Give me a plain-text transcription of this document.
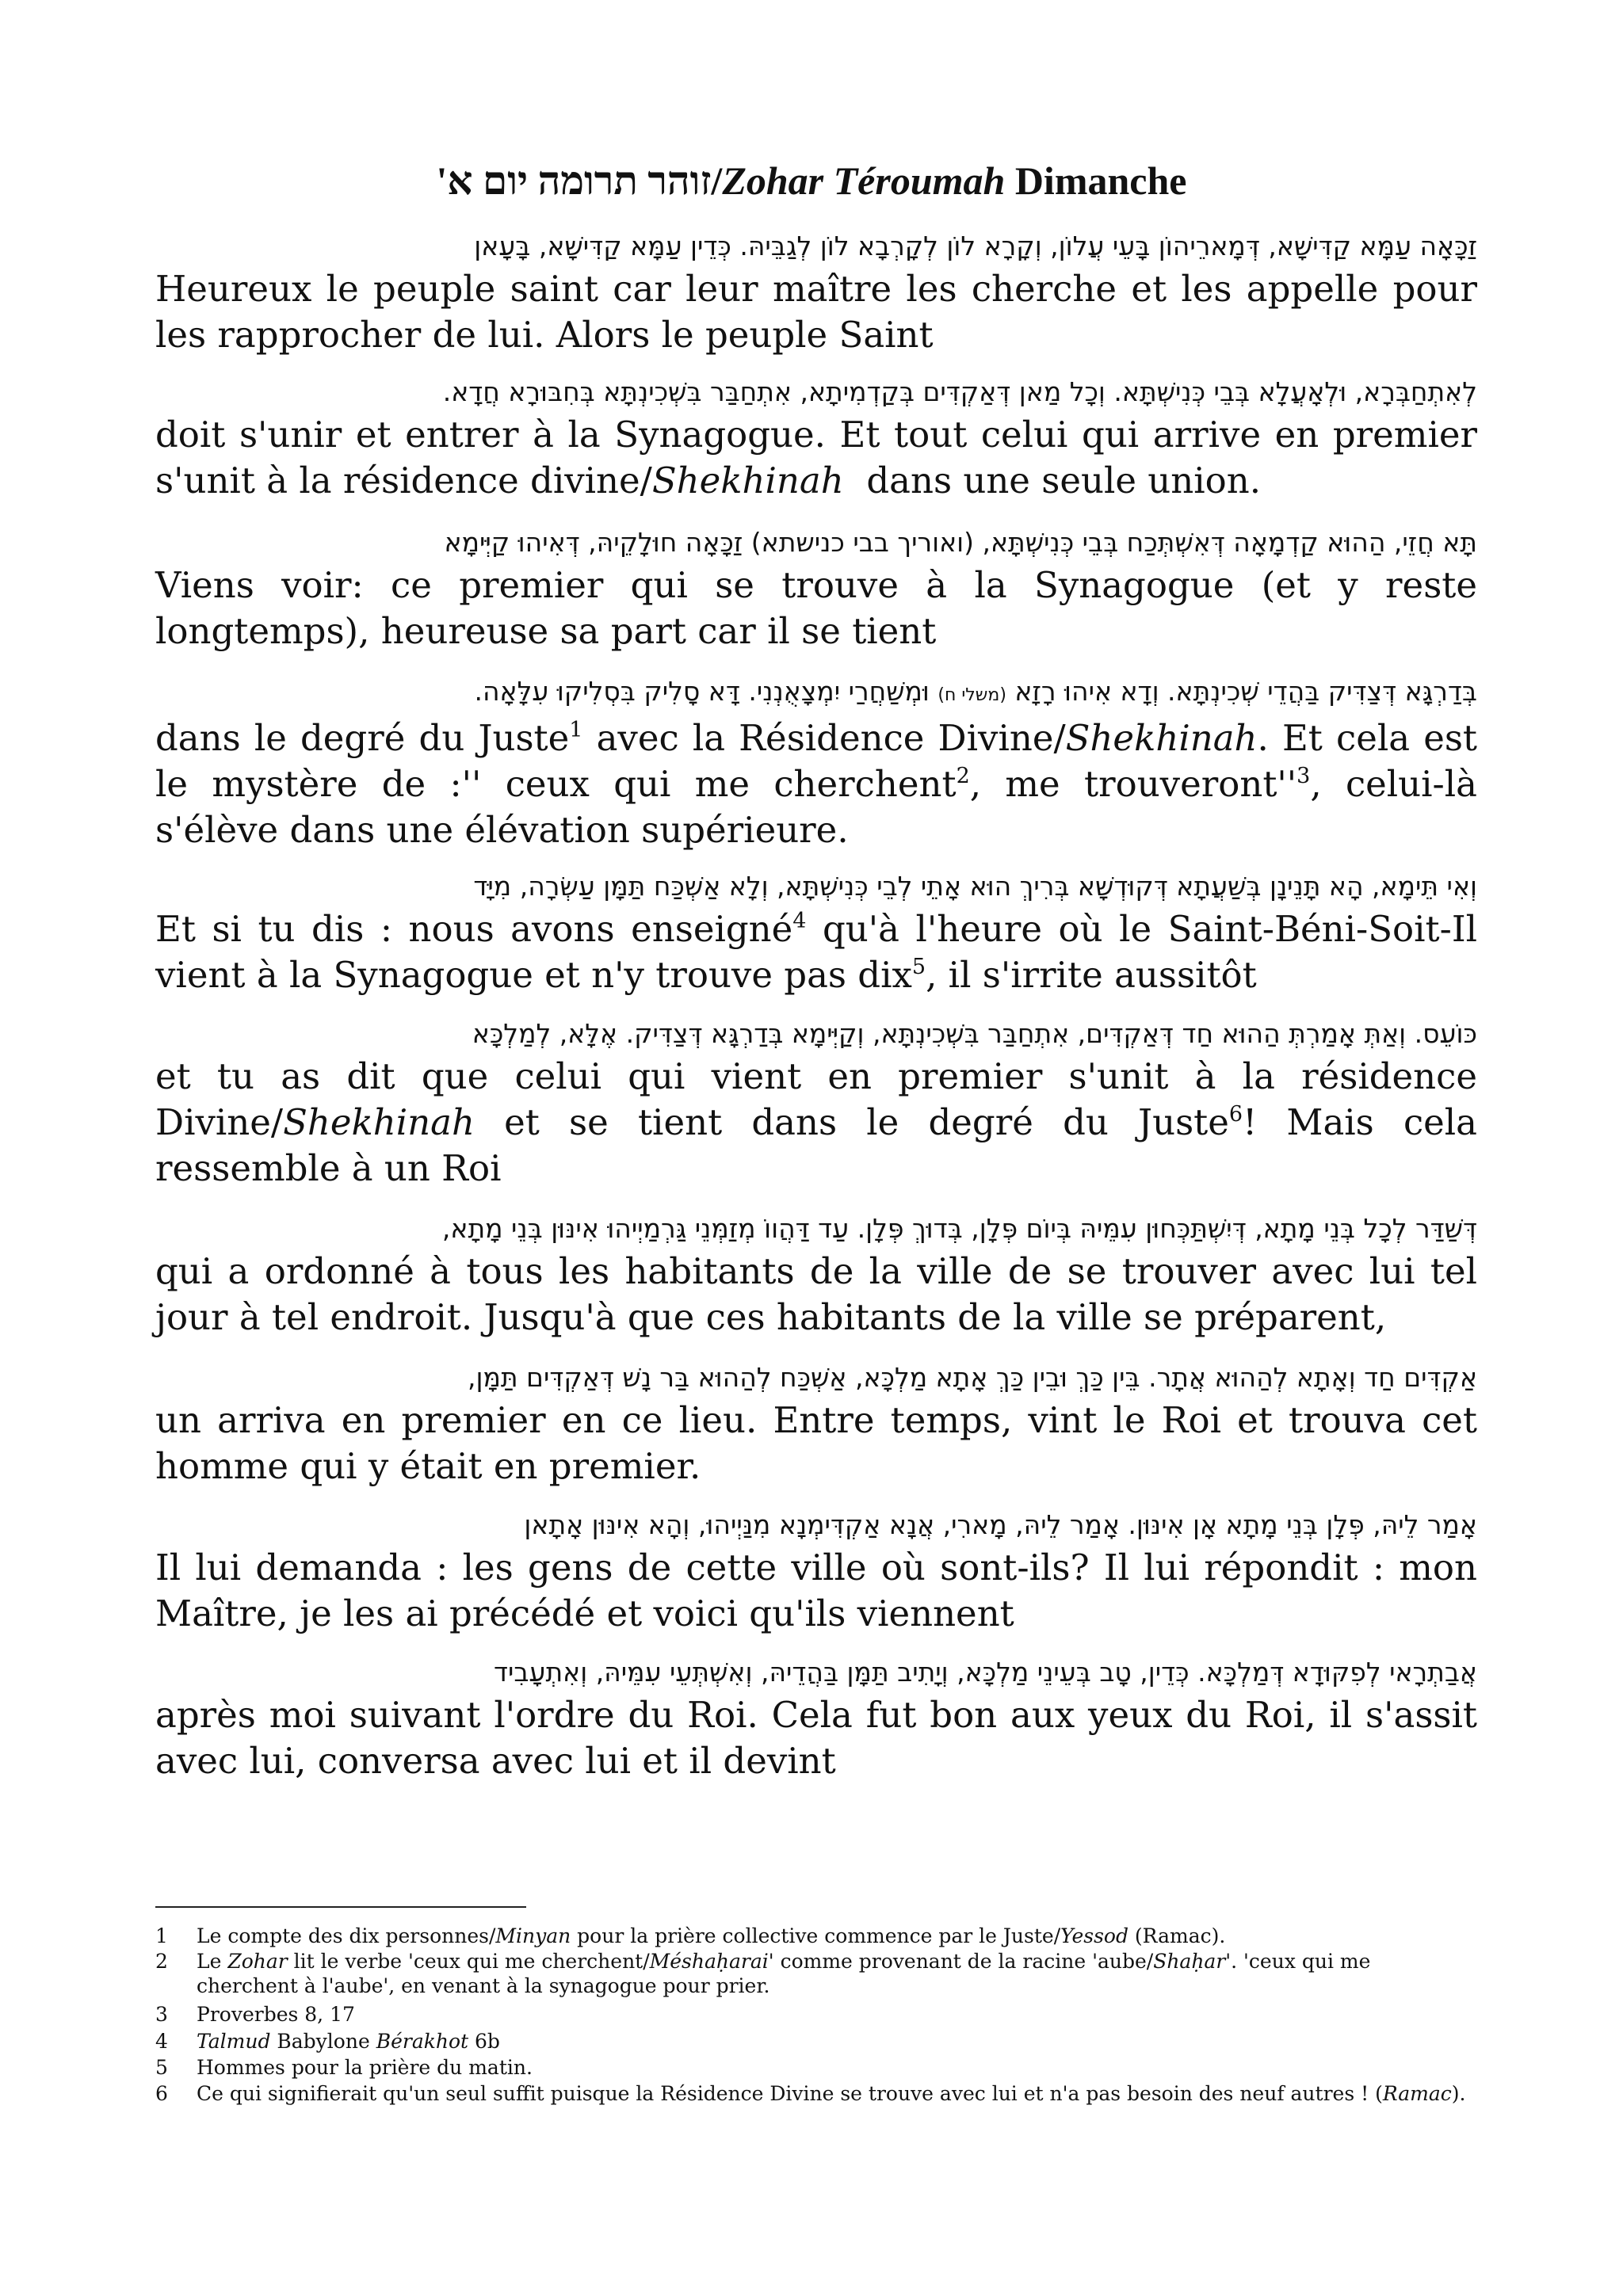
זוהר תרומה יום א'/Zohar Téroumah Dimanche
זַכָּאָה עַמָּא קַדִּישָׁא, דְּמָארֵיהוֹן בָּעֵי עֲלוֹן, וְקָרָא לוֹן לְקָרְבָא לוֹן לְגַבֵּיהּ. כְּדֵין עַמָּא קַדִּישָׁא, בָּעָאן
Heureux le peuple saint car leur maître les cherche et les appelle pour les rapprocher de lui. Alors le peuple Saint
לְאִתְחַבְּרָא, וּלְאָעֲלָא בְּבֵי כְּנִישְׁתָּא. וְכָל מַאן דְּאַקְדִּים בְּקַדְמִיתָא, אִתְחַבַּר בִּשְׁכִינְתָּא בְּחִבּוּרָא חֲדָא.
doit s'unir et entrer à la Synagogue. Et tout celui qui arrive en premier s'unit à la résidence divine/Shekhinah  dans une seule union.
תָּא חֲזֵי, הַהוּא קַדְמָאָה דְּאִשְׁתְּכַח בְּבֵי כְּנִישְׁתָּא, (ואוריך בבי כנישתא) זַכָּאָה חוּלָקֵיהּ, דְּאִיהוּ קַיְּימָא
Viens voir: ce premier qui se trouve à la Synagogue (et y reste longtemps), heureuse sa part car il se tient
בְּדַרְגָּא דְּצַדִּיק בַּהֲדֵי שְׁכִינְתָּא. וְדָא אִיהוּ רָזָא (משלי ח) וּמְשַׁחֲרַי יִמְצָאֻנְנִי. דָּא סָלִיק בִּסְלִיקוּ עִלָּאָה.
dans le degré du Juste$^1$ avec la Résidence Divine/Shekhinah. Et cela est le mystère de :'' ceux qui me cherchent$^2$, me $trouveront''^3$, celui-là s'élève dans une élévation supérieure.
וְאִי תֵּימָא, הָא תָּנֵינָן בְּשַׁעֲתָא דְּקוּדְשָׁא בְּרִיךְ הוּא אָתֵי לְבֵי כְּנִישְׁתָּא, וְלָא אַשְׁכַּח תַּמָּן עַשְׂרָה, מִיָּד
Et si tu dis : nous avons enseigné$^4$ qu'à l'heure où le Saint-Béni-Soit-Il vient à la Synagogue et n'y trouve pas dix$^5$, il s'irrite aussitôt
כּוֹעֵס. וְאַתְּ אָמַרְתְּ הַהוּא חַד דְּאַקְדִּים, אִתְחַבַּר בִּשְׁכִינְתָּא, וְקַיְּימָא בְּדַרְגָּא דְּצַדִּיק. אֶלָּא, לְמַלְכָּא
et tu as dit que celui qui vient en premier s'unit à la résidence Divine/Shekhinah et se tient dans le degré du Juste$^6$! Mais cela ressemble à un Roi
דְּשַׁדַּר לְכָל בְּנֵי מָתָא, דְּיִשְׁתַּכְּחוּן עִמֵּיהּ בְּיוֹם פְּלָן, בְּדוּךְ פְּלָן. עַד דַּהֲווֹ מְזַמְּנֵי גַּרְמַיְיהוּ אִינּוּן בְּנֵי מָתָא,
qui a ordonné à tous les habitants de la ville de se trouver avec lui tel jour à tel endroit. Jusqu'à que ces habitants de la ville se préparent,
אַקְדִּים חַד וְאָתָא לְהַהוּא אֲתָר. בֵּין כַּךְ וּבֵין כַּךְ אָתָא מַלְכָּא, אַשְׁכַּח לְהַהוּא בַּר נָשׁ דְּאַקְדִּים תַּמָּן,
un arriva en premier en ce lieu. Entre temps, vint le Roi et trouva cet homme qui y était en premier.
אָמַר לֵיהּ, פְּלָן בְּנֵי מָתָא אָן אִינּוּן. אָמַר לֵיהּ, מָארִי, אֲנָא אַקְדִּימְנָא מִנַּיְיהוּ, וְהָא אִינּוּן אָתָאן
Il lui demanda : les gens de cette ville où sont-ils? Il lui répondit : mon Maître, je les ai précédé et voici qu'ils viennent
אֲבַתְרָאי לְפִקּוּדָא דְּמַלְכָּא. כְּדֵין, טָב בְּעֵינֵי מַלְכָּא, וְיָתִיב תַּמָּן בַּהֲדֵיהּ, וְאִשְׁתְּעֵי עִמֵּיהּ, וְאִתְעָבִיד
après moi suivant l'ordre du Roi. Cela fut bon aux yeux du Roi, il s'assit avec lui, conversa avec lui et il devint
1	Le compte des dix personnes/Minyan pour la prière collective commence par le Juste/Yessod (Ramac).
2	Le Zohar lit le verbe 'ceux qui me cherchent/Méshaḥarai' comme provenant de la racine 'aube/Shaḥar'. 'ceux qui me cherchent à l'aube', en venant à la synagogue pour prier.
3	Proverbes 8, 17
4	Talmud Babylone Bérakhot 6b
5	Hommes pour la prière du matin.
6	Ce qui signifierait qu'un seul suffit puisque la Résidence Divine se trouve avec lui et n'a pas besoin des neuf autres ! (Ramac).
